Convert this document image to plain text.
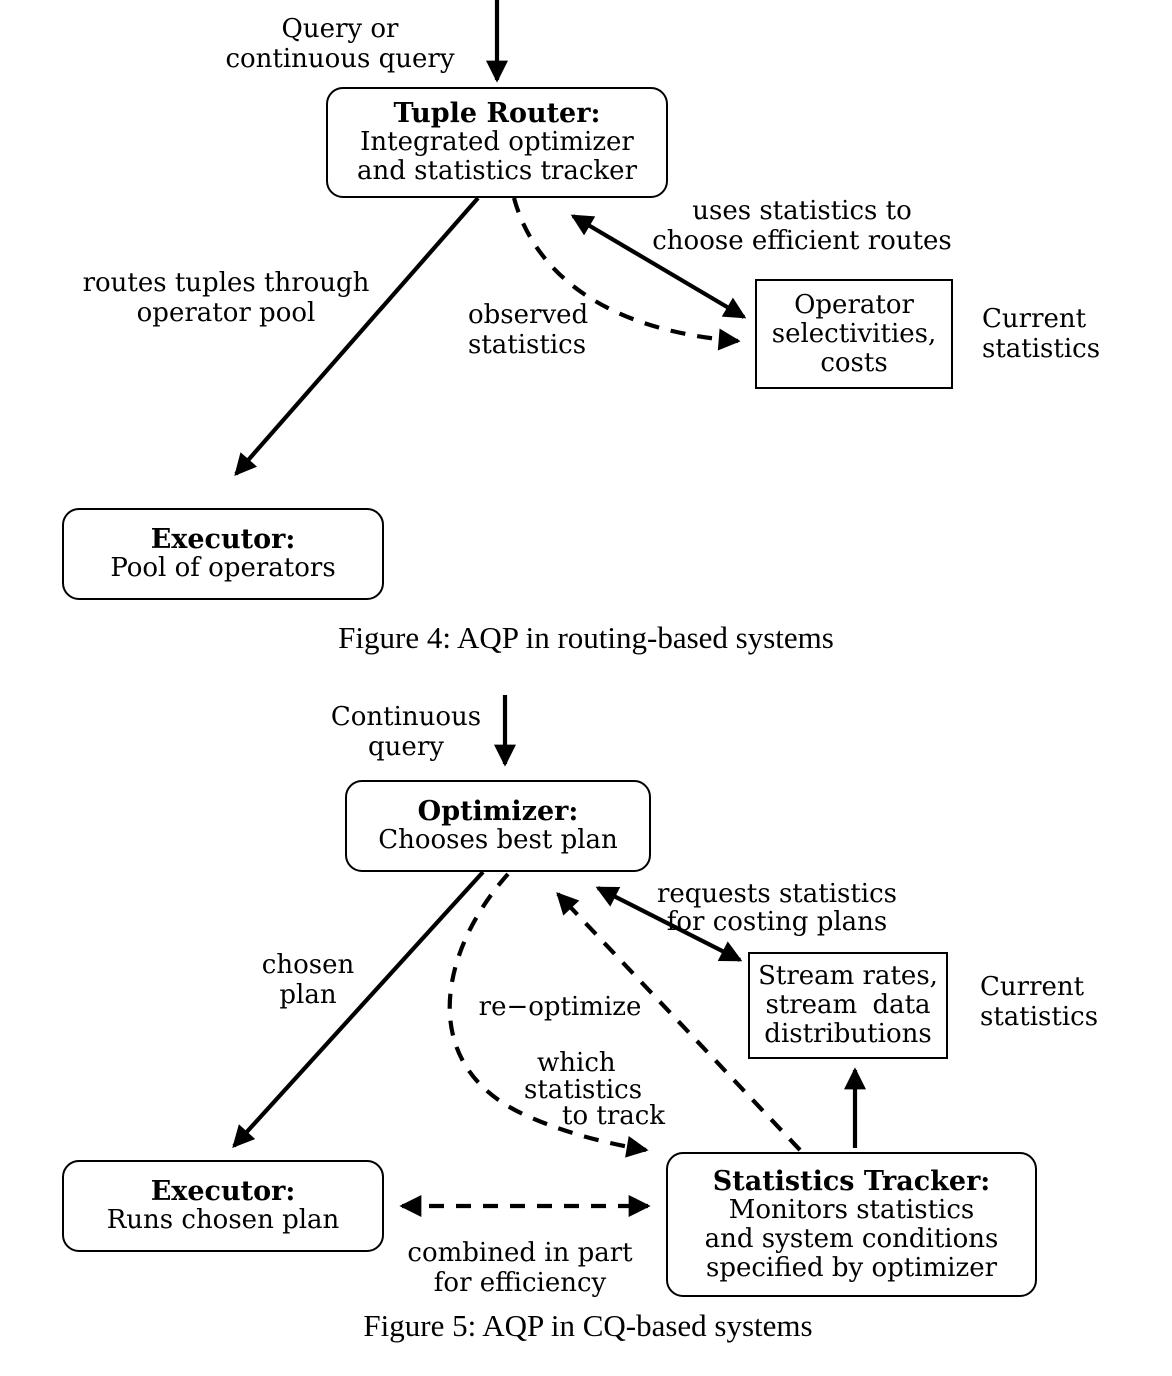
Query or
continuous query
Tuple Router:
Integrated optimizer
and statistics tracker
uses statistics to
choose efficient routes
routes tuples through
operator pool	observed
statistics
Operator
selectivities,
costs
Current
statistics
Executor:
Pool of operators
Figure 4: AQP in routing-based systems
Continuous
query
Optimizer:
Chooses best plan
requests statistics
for costing plans
chosen
plan	re−optimize
which
statistics
to track
Stream rates,
stream data
distributions
Current
statistics
Executor:
Runs chosen plan
Statistics Tracker:
Monitors statistics
and system conditions
specified by optimizer
combined in part
for efficiency
Figure 5: AQP in CQ-based systems
